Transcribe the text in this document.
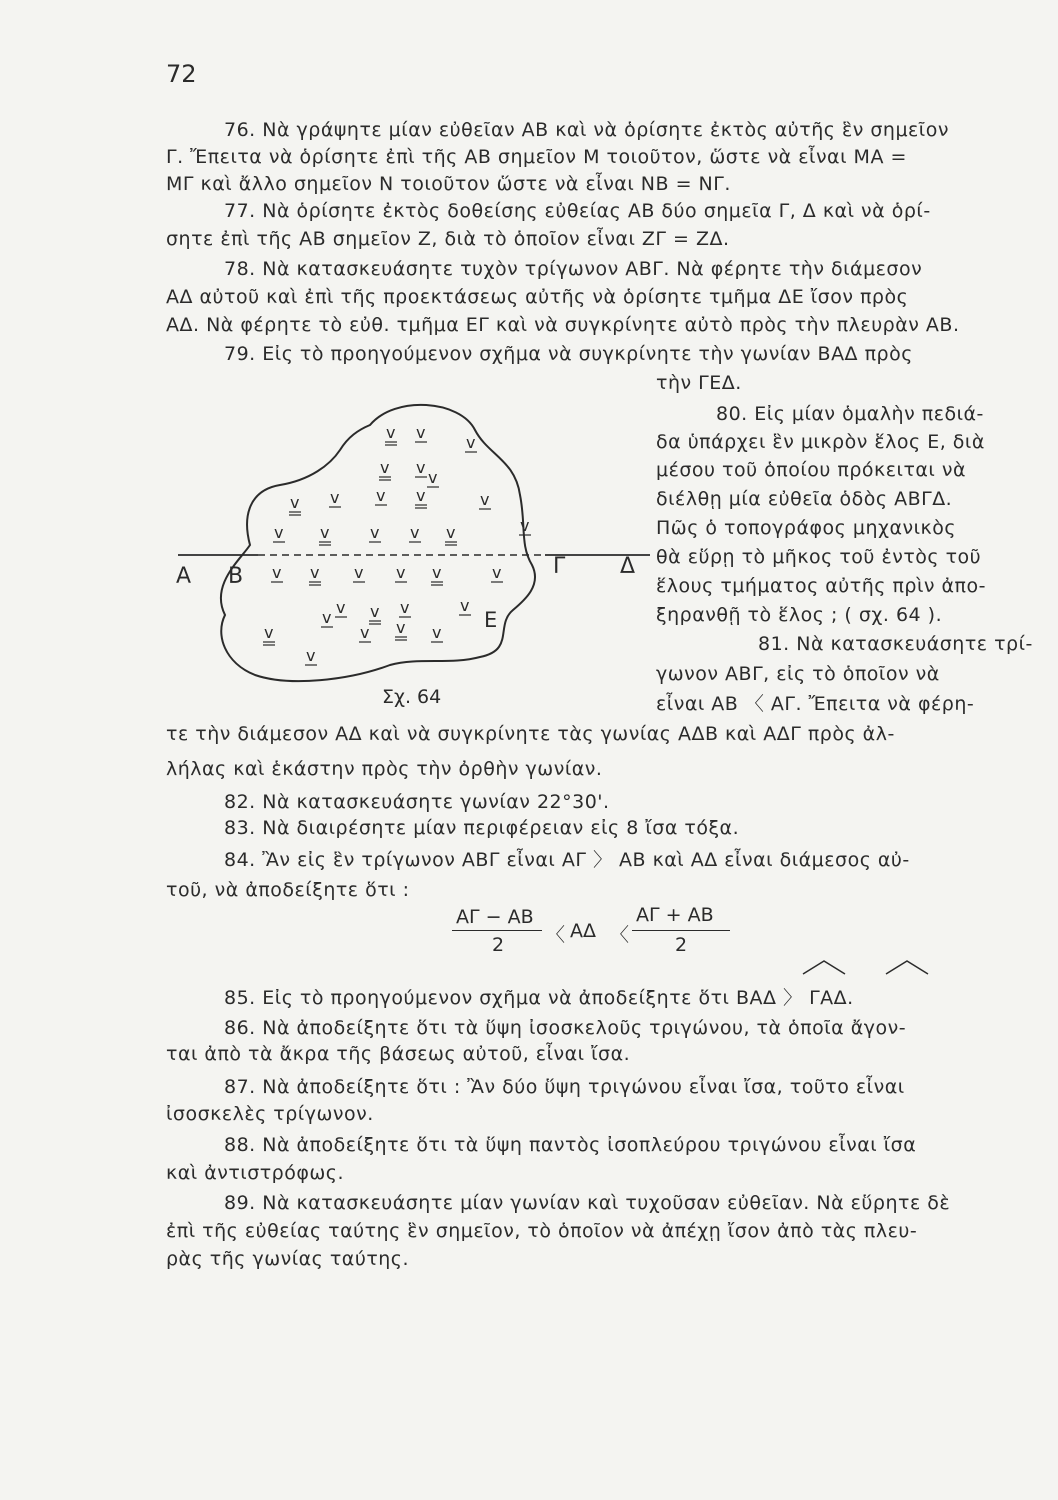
72
76. Νὰ γράψητε μίαν εὐθεῖαν ΑΒ καὶ νὰ ὁρίσητε ἐκτὸς αὐτῆς ἓν σημεῖον
Γ. Ἔπειτα νὰ ὁρίσητε ἐπὶ τῆς ΑΒ σημεῖον Μ τοιοῦτον, ὥστε νὰ εἶναι ΜΑ =
ΜΓ καὶ ἄλλο σημεῖον Ν τοιοῦτον ὥστε νὰ εἶναι ΝΒ = ΝΓ.
77. Νὰ ὁρίσητε ἐκτὸς δοθείσης εὐθείας ΑΒ δύο σημεῖα Γ, Δ καὶ νὰ ὁρί-
σητε ἐπὶ τῆς ΑΒ σημεῖον Ζ, διὰ τὸ ὁποῖον εἶναι ΖΓ = ΖΔ.
78. Νὰ κατασκευάσητε τυχὸν τρίγωνον ΑΒΓ. Νὰ φέρητε τὴν διάμεσον
ΑΔ αὐτοῦ καὶ ἐπὶ τῆς προεκτάσεως αὐτῆς νὰ ὁρίσητε τμῆμα ΔΕ ἴσον πρὸς
ΑΔ. Νὰ φέρητε τὸ εὐθ. τμῆμα ΕΓ καὶ νὰ συγκρίνητε αὐτὸ πρὸς τὴν πλευρὰν ΑΒ.
79. Εἰς τὸ προηγούμενον σχῆμα νὰ συγκρίνητε τὴν γωνίαν ΒΑΔ πρὸς
τὴν ΓΕΔ.
80. Εἰς μίαν ὁμαλὴν πεδιά-
δα ὑπάρχει ἓν μικρὸν ἕλος Ε, διὰ
μέσου τοῦ ὁποίου πρόκειται νὰ
διέλθῃ μία εὐθεῖα ὁδὸς ΑΒΓΔ.
Πῶς ὁ τοπογράφος μηχανικὸς
θὰ εὕρῃ τὸ μῆκος τοῦ ἐντὸς τοῦ
ἕλους τμήματος αὐτῆς πρὶν ἀπο-
ξηρανθῇ τὸ ἕλος ; ( σχ. 64 ).
81. Νὰ κατασκευάσητε τρί-
γωνον ΑΒΓ, εἰς τὸ ὁποῖον νὰ
εἶναι ΑΒ 〈 ΑΓ. Ἔπειτα νὰ φέρη-
Α Β	Γ Δ
Ε
v v
v
v v
v
v v v v	v
v v	v v v	v
v v v v v	v
v v v	v
v
v
v v v
v
Σχ. 64
τε τὴν διάμεσον ΑΔ καὶ νὰ συγκρίνητε τὰς γωνίας ΑΔΒ καὶ ΑΔΓ πρὸς ἀλ-
λήλας καὶ ἑκάστην πρὸς τὴν ὀρθὴν γωνίαν.
82. Νὰ κατασκευάσητε γωνίαν 22°30'.
83. Νὰ διαιρέσητε μίαν περιφέρειαν εἰς 8 ἴσα τόξα.
84. Ἂν εἰς ἓν τρίγωνον ΑΒΓ εἶναι ΑΓ 〉 ΑΒ καὶ ΑΔ εἶναι διάμεσος αὐ-
τοῦ, νὰ ἀποδείξητε ὅτι :
ΑΓ − ΑΒ
2 〈 ΑΔ 〈
ΑΓ + ΑΒ
2
85. Εἰς τὸ προηγούμενον σχῆμα νὰ ἀποδείξητε ὅτι ΒΑΔ 〉 ΓΑΔ.
86. Νὰ ἀποδείξητε ὅτι τὰ ὕψη ἰσοσκελοῦς τριγώνου, τὰ ὁποῖα ἄγον-
ται ἀπὸ τὰ ἄκρα τῆς βάσεως αὐτοῦ, εἶναι ἴσα.
87. Νὰ ἀποδείξητε ὅτι : Ἂν δύο ὕψη τριγώνου εἶναι ἴσα, τοῦτο εἶναι
ἰσοσκελὲς τρίγωνον.
88. Νὰ ἀποδείξητε ὅτι τὰ ὕψη παντὸς ἰσοπλεύρου τριγώνου εἶναι ἴσα
καὶ ἀντιστρόφως.
89. Νὰ κατασκευάσητε μίαν γωνίαν καὶ τυχοῦσαν εὐθεῖαν. Νὰ εὕρητε δὲ
ἐπὶ τῆς εὐθείας ταύτης ἓν σημεῖον, τὸ ὁποῖον νὰ ἀπέχῃ ἴσον ἀπὸ τὰς πλευ-
ρὰς τῆς γωνίας ταύτης.
